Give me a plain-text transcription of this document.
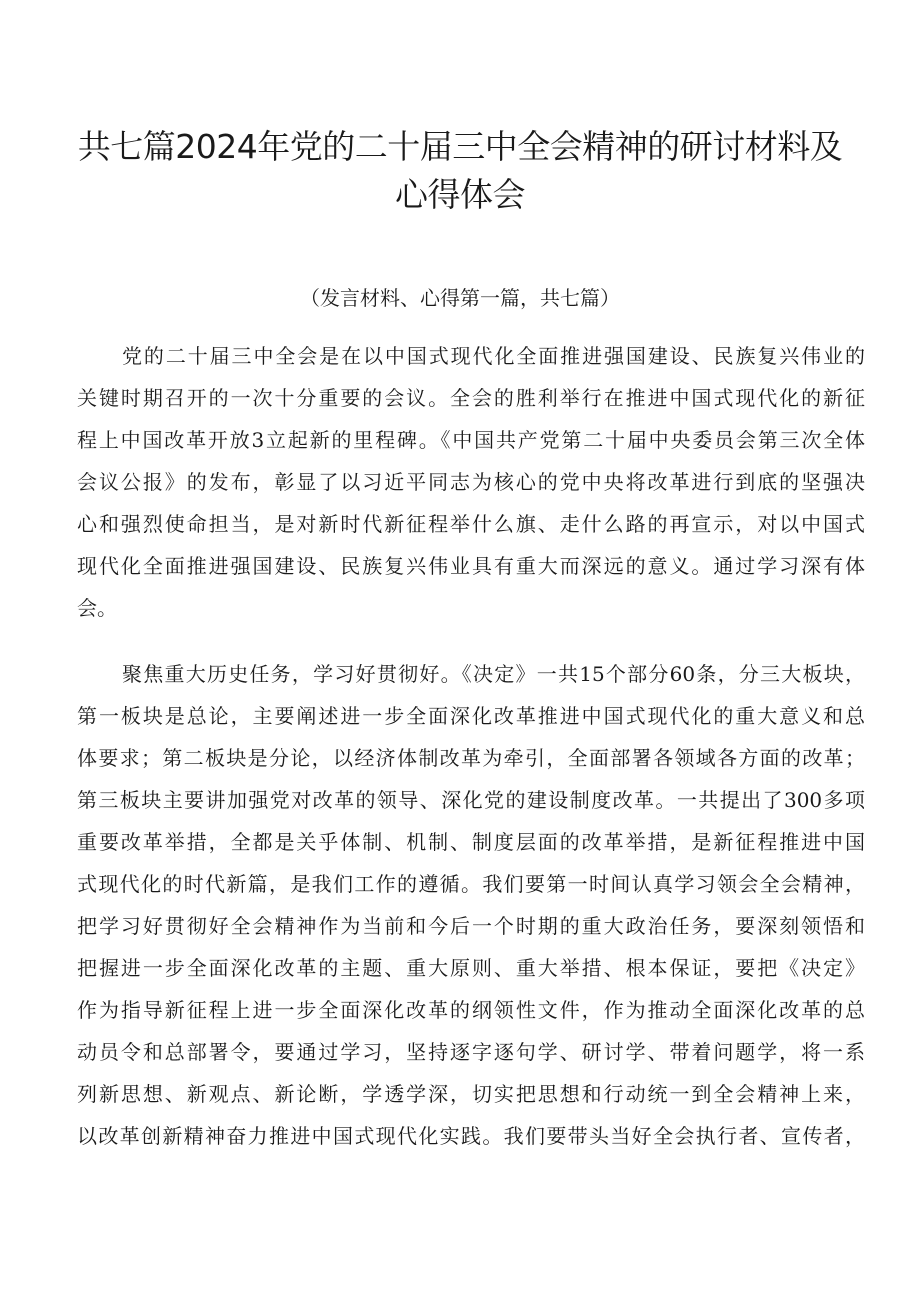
共七篇2024年党的二十届三中全会精神的研讨材料及
心得体会
（发言材料、心得第一篇，共七篇）
党的二十届三中全会是在以中国式现代化全面推进强国建设、民族复兴伟业的
关键时期召开的一次十分重要的会议。全会的胜利举行在推进中国式现代化的新征
程上中国改革开放3立起新的里程碑。《中国共产党第二十届中央委员会第三次全体
会议公报》的发布，彰显了以习近平同志为核心的党中央将改革进行到底的坚强决
心和强烈使命担当，是对新时代新征程举什么旗、走什么路的再宣示，对以中国式
现代化全面推进强国建设、民族复兴伟业具有重大而深远的意义。通过学习深有体
会。
聚焦重大历史任务，学习好贯彻好。《决定》一共15个部分60条，分三大板块，
第一板块是总论，主要阐述进一步全面深化改革推进中国式现代化的重大意义和总
体要求；第二板块是分论，以经济体制改革为牵引，全面部署各领域各方面的改革；
第三板块主要讲加强党对改革的领导、深化党的建设制度改革。一共提出了300多项
重要改革举措，全都是关乎体制、机制、制度层面的改革举措，是新征程推进中国
式现代化的时代新篇，是我们工作的遵循。我们要第一时间认真学习领会全会精神，
把学习好贯彻好全会精神作为当前和今后一个时期的重大政治任务，要深刻领悟和
把握进一步全面深化改革的主题、重大原则、重大举措、根本保证，要把《决定》
作为指导新征程上进一步全面深化改革的纲领性文件，作为推动全面深化改革的总
动员令和总部署令，要通过学习，坚持逐字逐句学、研讨学、带着问题学，将一系
列新思想、新观点、新论断，学透学深，切实把思想和行动统一到全会精神上来，
以改革创新精神奋力推进中国式现代化实践。我们要带头当好全会执行者、宣传者，
